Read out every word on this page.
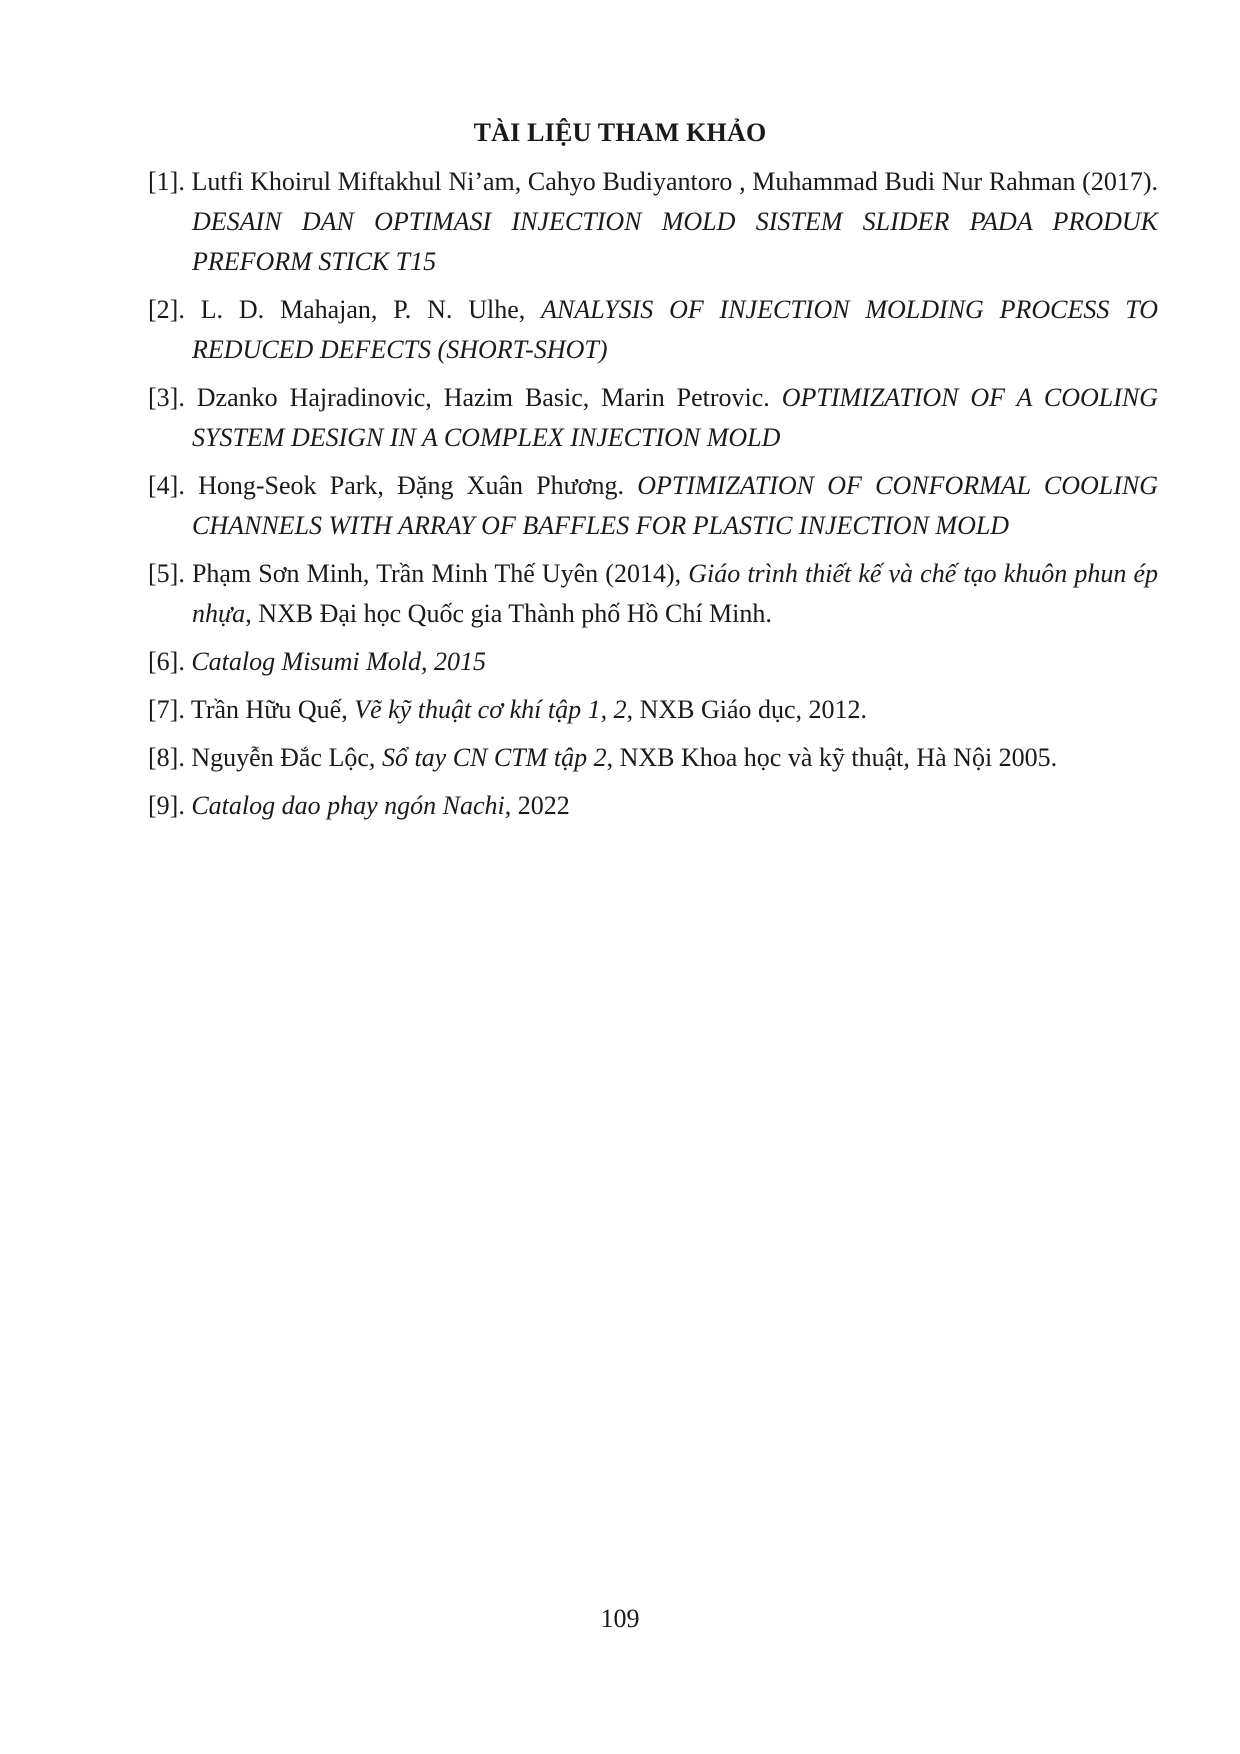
TÀI LIỆU THAM KHẢO
[1]. Lutfi Khoirul Miftakhul Ni’am, Cahyo Budiyantoro , Muhammad Budi Nur Rahman (2017). DESAIN DAN OPTIMASI INJECTION MOLD SISTEM SLIDER PADA PRODUK PREFORM STICK T15
[2]. L. D. Mahajan, P. N. Ulhe, ANALYSIS OF INJECTION MOLDING PROCESS TO REDUCED DEFECTS (SHORT-SHOT)
[3]. Dzanko Hajradinovic, Hazim Basic, Marin Petrovic. OPTIMIZATION OF A COOLING SYSTEM DESIGN IN A COMPLEX INJECTION MOLD
[4]. Hong-Seok Park, Đặng Xuân Phương. OPTIMIZATION OF CONFORMAL COOLING CHANNELS WITH ARRAY OF BAFFLES FOR PLASTIC INJECTION MOLD
[5]. Phạm Sơn Minh, Trần Minh Thế Uyên (2014), Giáo trình thiết kế và chế tạo khuôn phun ép nhựa, NXB Đại học Quốc gia Thành phố Hồ Chí Minh.
[6]. Catalog Misumi Mold, 2015
[7]. Trần Hữu Quế, Vẽ kỹ thuật cơ khí tập 1, 2, NXB Giáo dục, 2012.
[8]. Nguyễn Đắc Lộc, Sổ tay CN CTM tập 2, NXB Khoa học và kỹ thuật, Hà Nội 2005.
[9]. Catalog dao phay ngón Nachi, 2022
109
